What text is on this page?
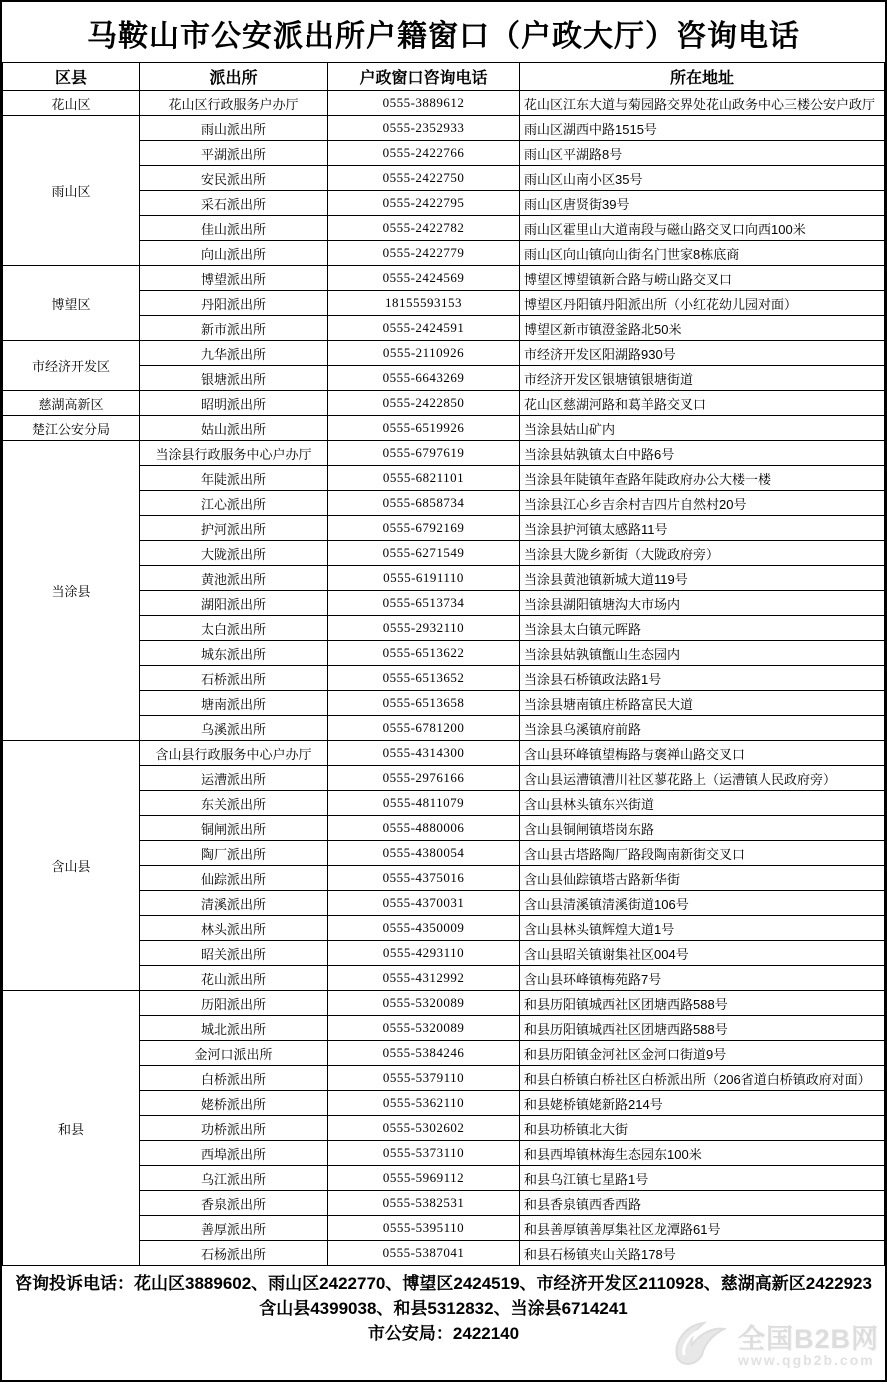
马鞍山市公安派出所户籍窗口（户政大厅）咨询电话
区县	派出所	户政窗口咨询电话	所在地址
花山区	花山区行政服务户办厅	0555-3889612	花山区江东大道与菊园路交界处花山政务中心三楼公安户政厅
雨山区	雨山派出所	0555-2352933	雨山区湖西中路1515号
	平湖派出所	0555-2422766	雨山区平湖路8号
	安民派出所	0555-2422750	雨山区山南小区35号
	采石派出所	0555-2422795	雨山区唐贤街39号
	佳山派出所	0555-2422782	雨山区霍里山大道南段与磁山路交叉口向西100米
	向山派出所	0555-2422779	雨山区向山镇向山街名门世家8栋底商
博望区	博望派出所	0555-2424569	博望区博望镇新合路与崂山路交叉口
	丹阳派出所	18155593153	博望区丹阳镇丹阳派出所（小红花幼儿园对面）
	新市派出所	0555-2424591	博望区新市镇澄釜路北50米
市经济开发区	九华派出所	0555-2110926	市经济开发区阳湖路930号
	银塘派出所	0555-6643269	市经济开发区银塘镇银塘街道
慈湖高新区	昭明派出所	0555-2422850	花山区慈湖河路和葛羊路交叉口
楚江公安分局	姑山派出所	0555-6519926	当涂县姑山矿内
当涂县	当涂县行政服务中心户办厅	0555-6797619	当涂县姑孰镇太白中路6号
	年陡派出所	0555-6821101	当涂县年陡镇年查路年陡政府办公大楼一楼
	江心派出所	0555-6858734	当涂县江心乡吉余村吉四片自然村20号
	护河派出所	0555-6792169	当涂县护河镇太感路11号
	大陇派出所	0555-6271549	当涂县大陇乡新街（大陇政府旁）
	黄池派出所	0555-6191110	当涂县黄池镇新城大道119号
	湖阳派出所	0555-6513734	当涂县湖阳镇塘沟大市场内
	太白派出所	0555-2932110	当涂县太白镇元晖路
	城东派出所	0555-6513622	当涂县姑孰镇甑山生态园内
	石桥派出所	0555-6513652	当涂县石桥镇政法路1号
	塘南派出所	0555-6513658	当涂县塘南镇庄桥路富民大道
	乌溪派出所	0555-6781200	当涂县乌溪镇府前路
含山县	含山县行政服务中心户办厅	0555-4314300	含山县环峰镇望梅路与褒禅山路交叉口
	运漕派出所	0555-2976166	含山县运漕镇漕川社区蓼花路上（运漕镇人民政府旁）
	东关派出所	0555-4811079	含山县林头镇东兴街道
	铜闸派出所	0555-4880006	含山县铜闸镇塔岗东路
	陶厂派出所	0555-4380054	含山县古塔路陶厂路段陶南新街交叉口
	仙踪派出所	0555-4375016	含山县仙踪镇塔古路新华街
	清溪派出所	0555-4370031	含山县清溪镇清溪街道106号
	林头派出所	0555-4350009	含山县林头镇辉煌大道1号
	昭关派出所	0555-4293110	含山县昭关镇谢集社区004号
	花山派出所	0555-4312992	含山县环峰镇梅苑路7号
和县	历阳派出所	0555-5320089	和县历阳镇城西社区团塘西路588号
	城北派出所	0555-5320089	和县历阳镇城西社区团塘西路588号
	金河口派出所	0555-5384246	和县历阳镇金河社区金河口街道9号
	白桥派出所	0555-5379110	和县白桥镇白桥社区白桥派出所（206省道白桥镇政府对面）
	姥桥派出所	0555-5362110	和县姥桥镇姥新路214号
	功桥派出所	0555-5302602	和县功桥镇北大街
	西埠派出所	0555-5373110	和县西埠镇林海生态园东100米
	乌江派出所	0555-5969112	和县乌江镇七星路1号
	香泉派出所	0555-5382531	和县香泉镇西香西路
	善厚派出所	0555-5395110	和县善厚镇善厚集社区龙潭路61号
	石杨派出所	0555-5387041	和县石杨镇夹山关路178号
咨询投诉电话：花山区3889602、雨山区2422770、博望区2424519、市经济开发区2110928、慈湖高新区2422923
含山县4399038、和县5312832、当涂县6714241
市公安局：2422140	全国B2B网
www.qgb2b.com
